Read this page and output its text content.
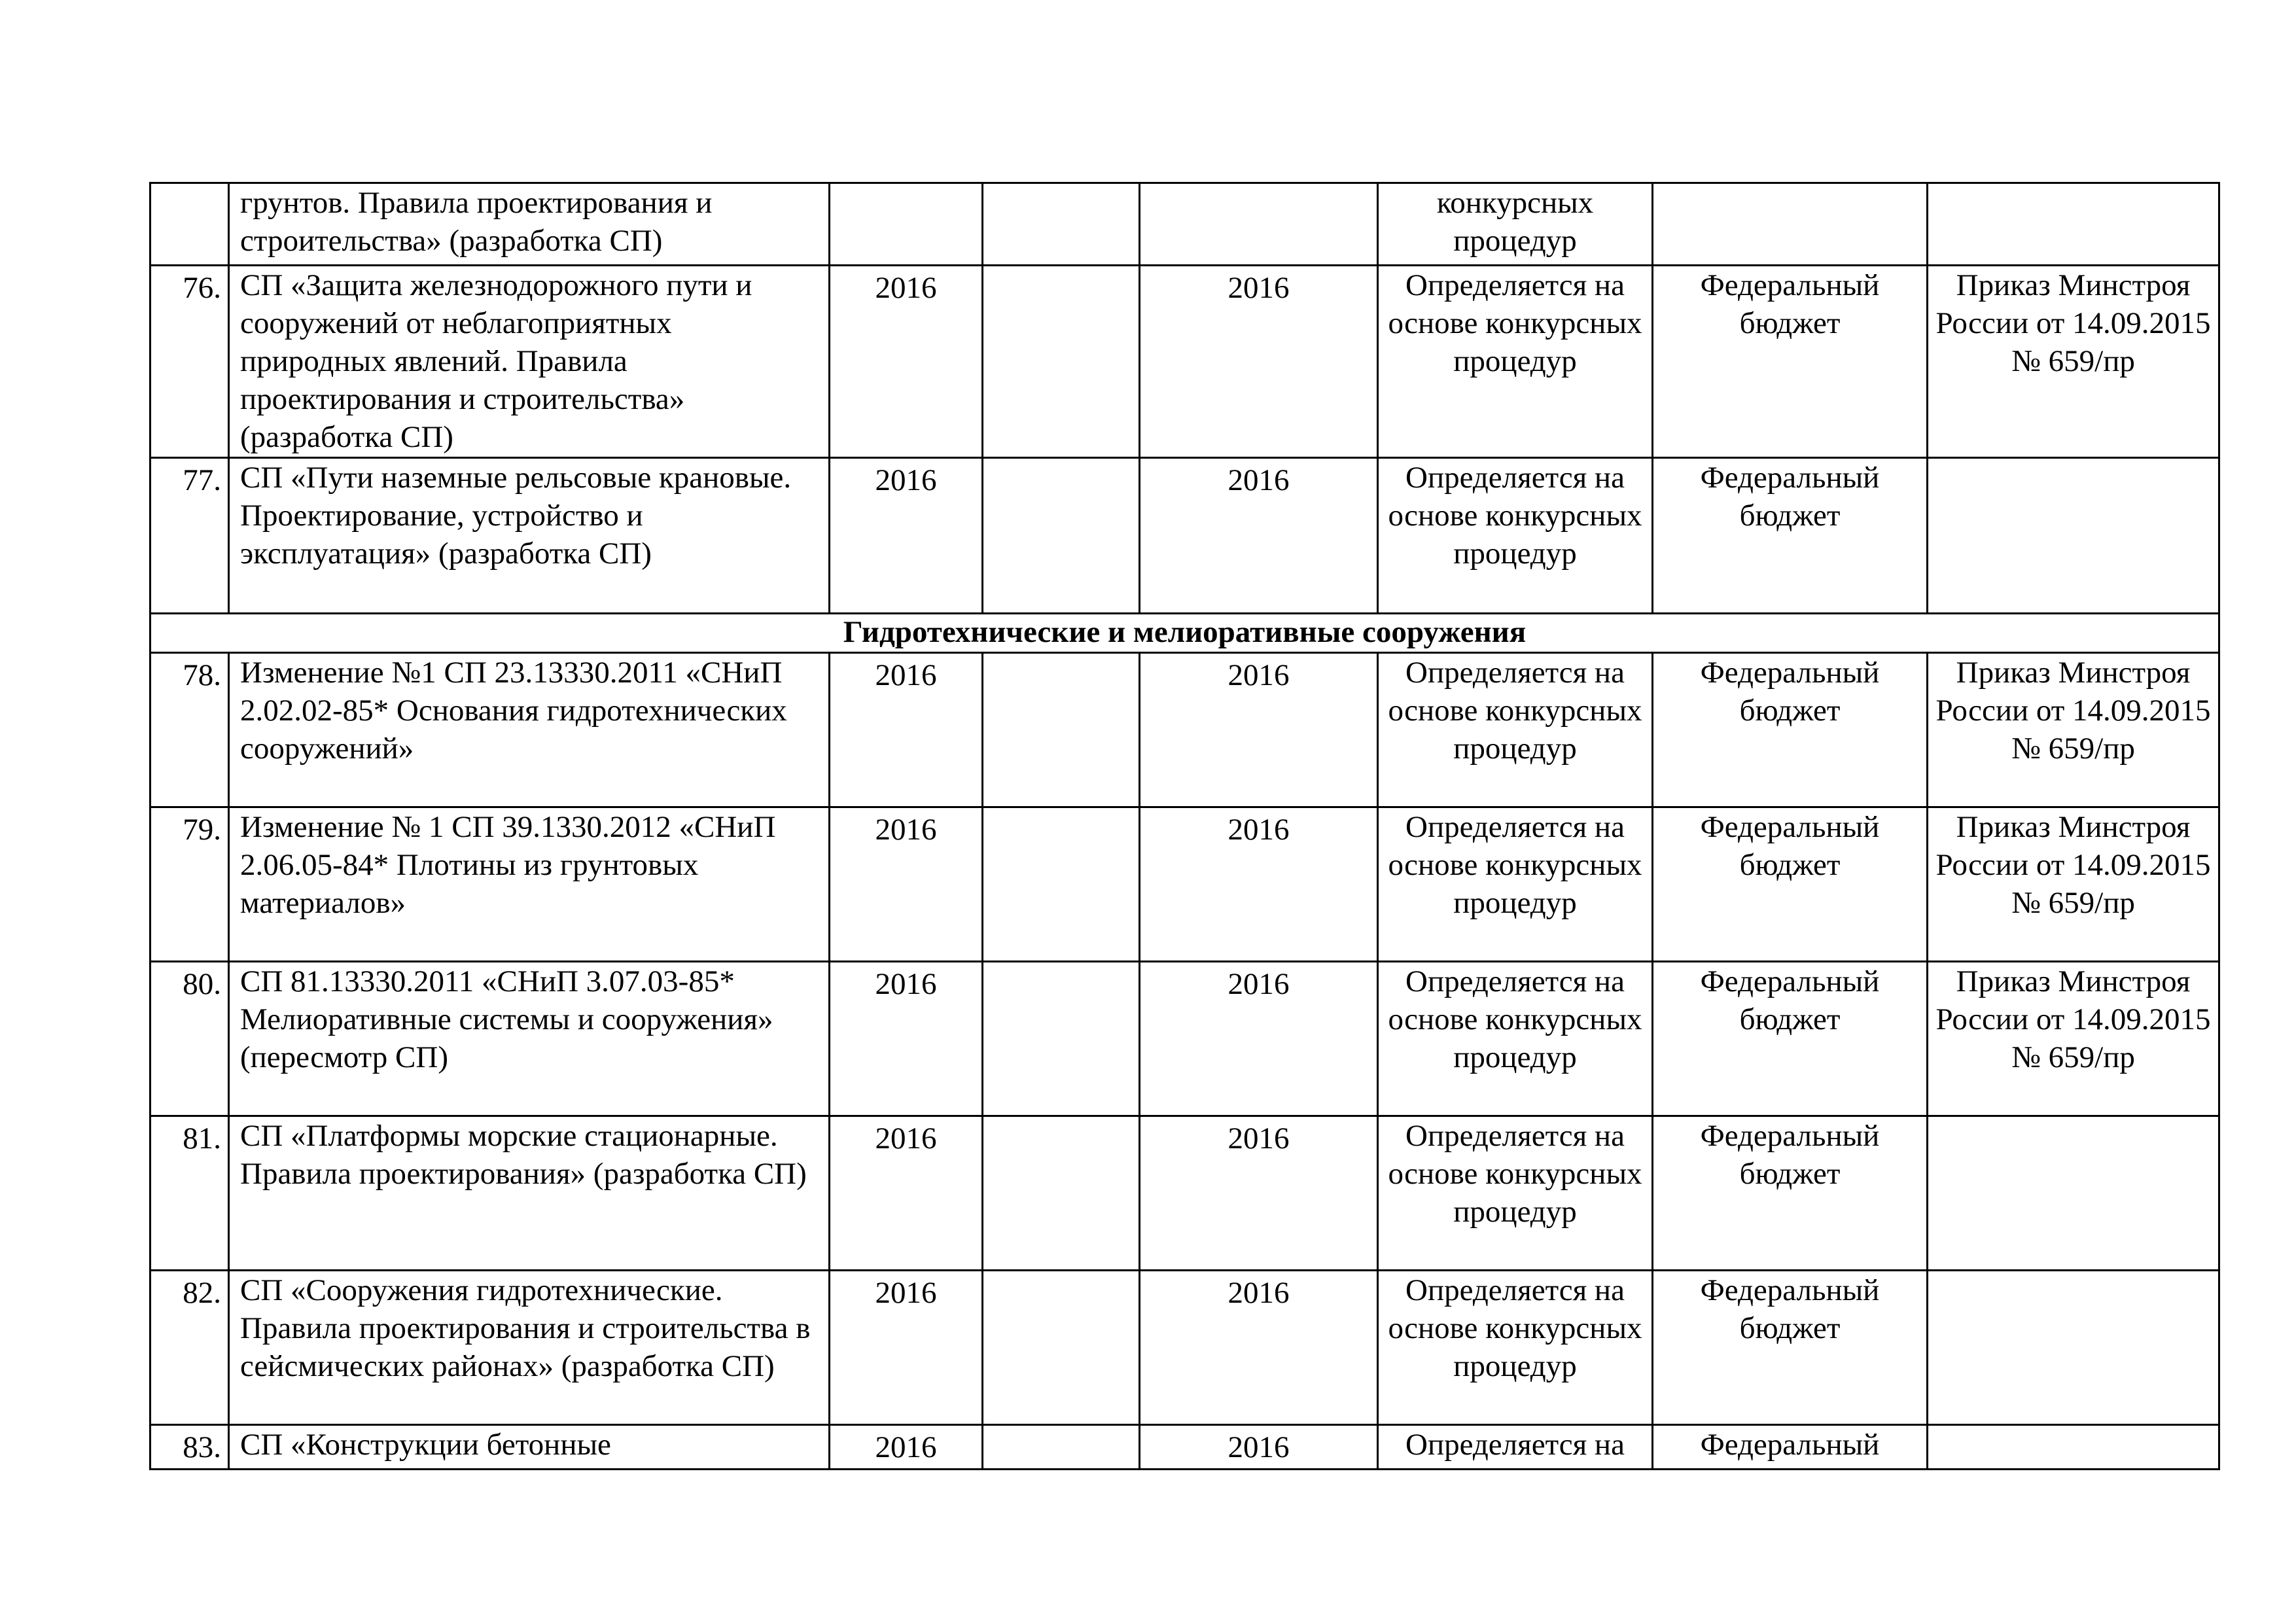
	грунтов. Правила проектирования и строительства» (разработка СП)				конкурсных процедур		
76.	СП «Защита железнодорожного пути и сооружений от неблагоприятных природных явлений. Правила проектирования и строительства» (разработка СП)	2016		2016	Определяется на основе конкурсных процедур	Федеральный бюджет	Приказ Минстроя России от 14.09.2015 № 659/пр
77.	СП «Пути наземные рельсовые крановые. Проектирование, устройство и эксплуатация» (разработка СП)	2016		2016	Определяется на основе конкурсных процедур	Федеральный бюджет	
Гидротехнические и мелиоративные сооружения							
78.	Изменение №1 СП 23.13330.2011 «СНиП 2.02.02-85* Основания гидротехнических сооружений»	2016		2016	Определяется на основе конкурсных процедур	Федеральный бюджет	Приказ Минстроя России от 14.09.2015 № 659/пр
79.	Изменение № 1 СП 39.1330.2012 «СНиП 2.06.05-84* Плотины из грунтовых материалов»	2016		2016	Определяется на основе конкурсных процедур	Федеральный бюджет	Приказ Минстроя России от 14.09.2015 № 659/пр
80.	СП 81.13330.2011 «СНиП 3.07.03-85* Мелиоративные системы и сооружения» (пересмотр СП)	2016		2016	Определяется на основе конкурсных процедур	Федеральный бюджет	Приказ Минстроя России от 14.09.2015 № 659/пр
81.	СП «Платформы морские стационарные. Правила проектирования» (разработка СП)	2016		2016	Определяется на основе конкурсных процедур	Федеральный бюджет	
82.	СП «Сооружения гидротехнические. Правила проектирования и строительства в сейсмических районах» (разработка СП)	2016		2016	Определяется на основе конкурсных процедур	Федеральный бюджет	
83.	СП «Конструкции бетонные	2016		2016	Определяется на	Федеральный	
